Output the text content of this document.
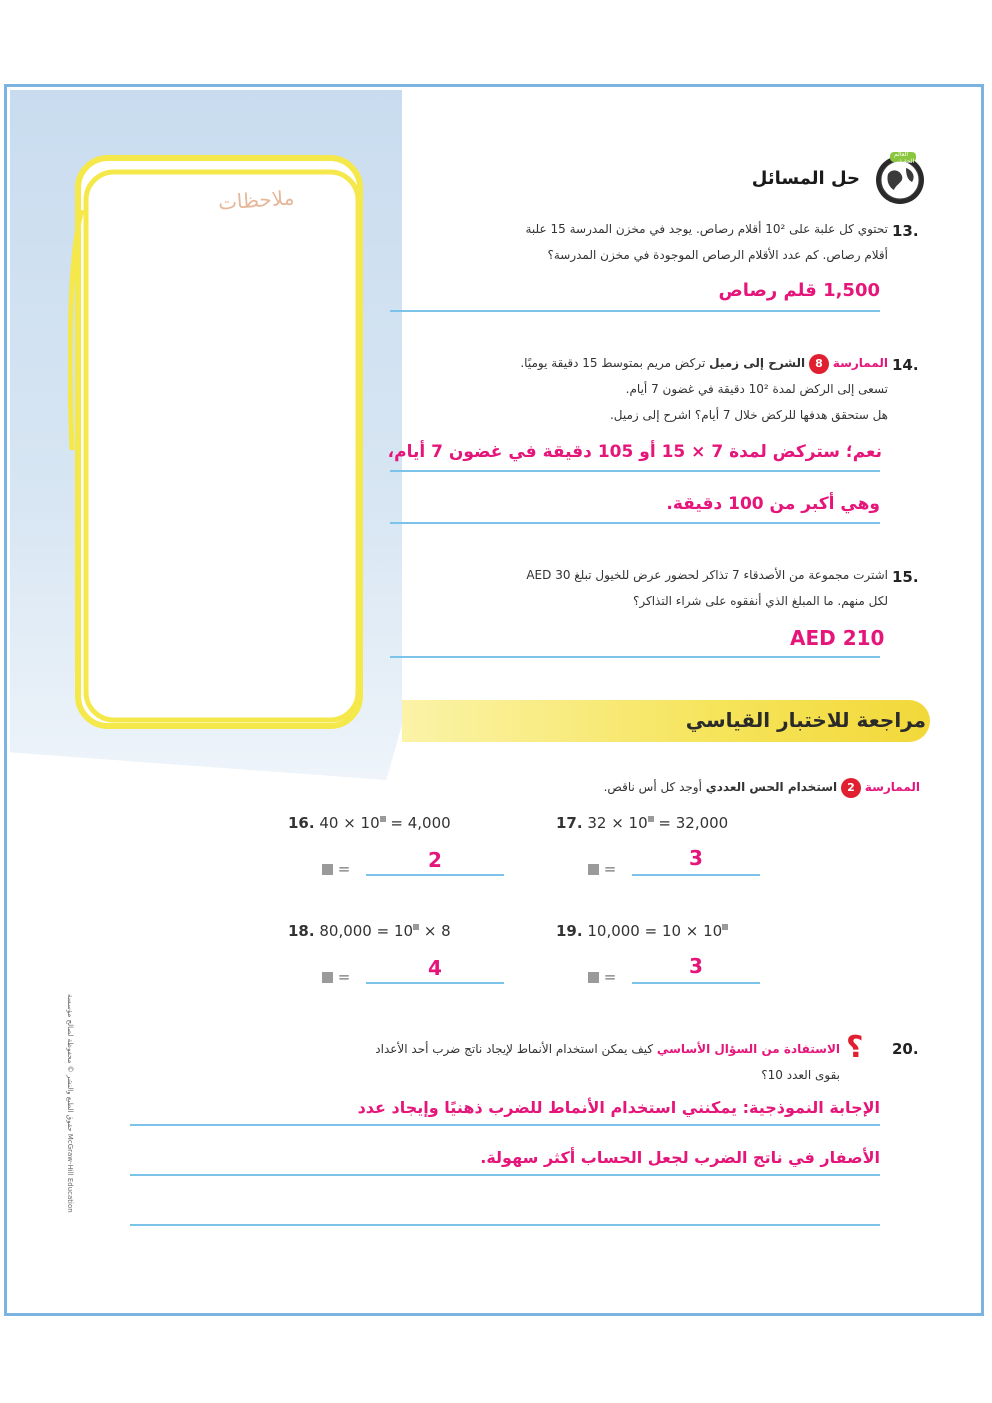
ملاحظات
العالم الحقيقي
حل المسائل
13.
تحتوي كل علبة على 10² أقلام رصاص. يوجد في مخزن المدرسة 15 علبة
أقلام رصاص. كم عدد الأقلام الرصاص الموجودة في مخزن المدرسة؟
1,500 قلم رصاص
14.
الممارسة 8 الشرح إلى زميل تركض مريم بمتوسط 15 دقيقة يوميًا.
تسعى إلى الركض لمدة 10² دقيقة في غضون 7 أيام.
هل ستحقق هدفها للركض خلال 7 أيام؟ اشرح إلى زميل.
نعم؛ ستركض لمدة 7 × 15 أو 105 دقيقة في غضون 7 أيام،
وهي أكبر من 100 دقيقة.
15.
اشترت مجموعة من الأصدقاء 7 تذاكر لحضور عرض للخيول تبلغ AED 30
لكل منهم. ما المبلغ الذي أنفقوه على شراء التذاكر؟
AED 210
مراجعة للاختبار القياسي
الممارسة 2 استخدام الحس العددي أوجد كل أس ناقص.
16. 40 × 10 = 4,000
=	2
17. 32 × 10 = 32,000
=	3
18. 80,000 = 10 × 8
=	4
19. 10,000 = 10 × 10
=	3
20.
؟
الاستفادة من السؤال الأساسي كيف يمكن استخدام الأنماط لإيجاد ناتج ضرب أحد الأعداد
بقوى العدد 10؟
الإجابة النموذجية: يمكنني استخدام الأنماط للضرب ذهنيًا وإيجاد عدد
الأصفار في ناتج الضرب لجعل الحساب أكثر سهولة.
حقوق الطبع والنشر © محفوظة لصالح مؤسسة McGraw-Hill Education
